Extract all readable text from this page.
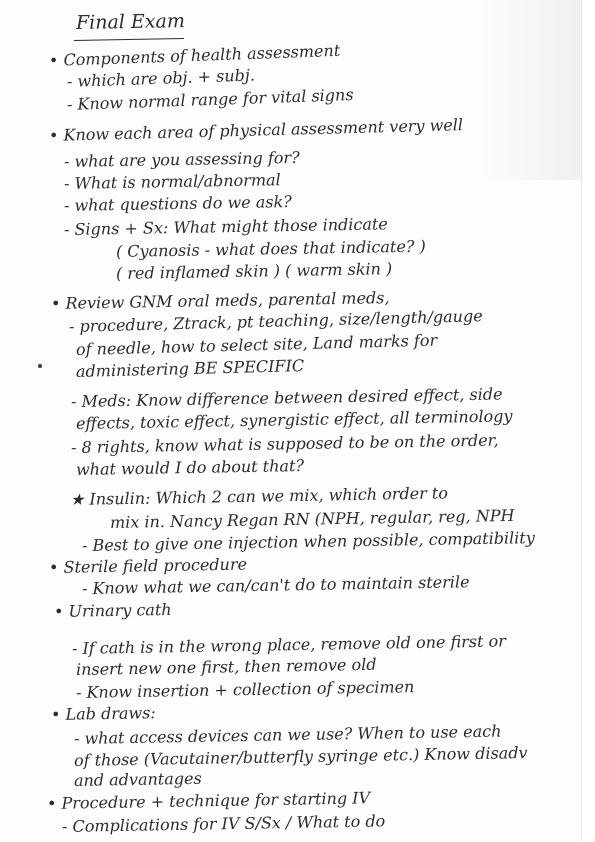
Final Exam
• Components of health assessment
- which are obj. + subj.
- Know normal range for vital signs
• Know each area of physical assessment very well
- what are you assessing for?
- What is normal/abnormal
- what questions do we ask?
- Signs + Sx: What might those indicate
( Cyanosis - what does that indicate? )
( red inflamed skin ) ( warm skin )
• Review GNM oral meds, parental meds,
- procedure, Ztrack, pt teaching, size/length/gauge
of needle, how to select site, Land marks for
administering BE SPECIFIC
- Meds: Know difference between desired effect, side
effects, toxic effect, synergistic effect, all terminology
- 8 rights, know what is supposed to be on the order,
what would I do about that?
★ Insulin: Which 2 can we mix, which order to
mix in. Nancy Regan RN (NPH, regular, reg, NPH
- Best to give one injection when possible, compatibility
• Sterile field procedure
- Know what we can/can't do to maintain sterile
• Urinary cath
- If cath is in the wrong place, remove old one first or
insert new one first, then remove old
- Know insertion + collection of specimen
• Lab draws:
- what access devices can we use? When to use each
of those (Vacutainer/butterfly syringe etc.) Know disadv
and advantages
• Procedure + technique for starting IV
- Complications for IV S/Sx / What to do
